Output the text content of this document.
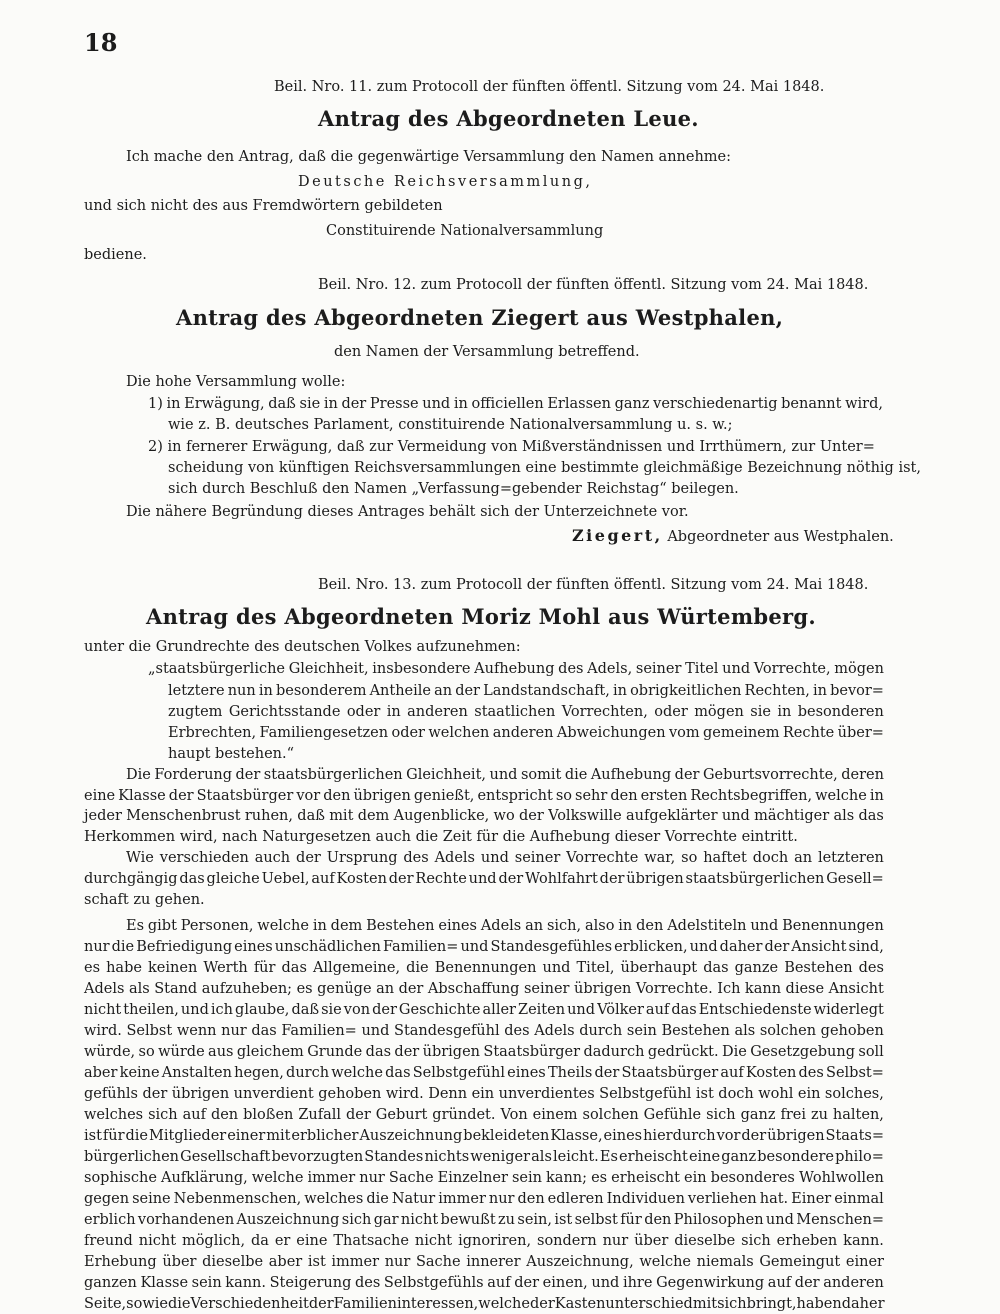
18
Beil. Nro. 11. zum Protocoll der fünften öffentl. Sitzung vom 24. Mai 1848.
Antrag des Abgeordneten Leue.
Ich mache den Antrag, daß die gegenwärtige Versammlung den Namen annehme:
Deutsche Reichsversammlung,
und sich nicht des aus Fremdwörtern gebildeten
Constituirende Nationalversammlung
bediene.
Beil. Nro. 12. zum Protocoll der fünften öffentl. Sitzung vom 24. Mai 1848.
Antrag des Abgeordneten Ziegert aus Westphalen,
den Namen der Versammlung betreffend.
Die hohe Versammlung wolle:
1) in Erwägung, daß sie in der Presse und in officiellen Erlassen ganz verschiedenartig benannt wird,
wie z. B. deutsches Parlament, constituirende Nationalversammlung u. s. w.;
2) in fernerer Erwägung, daß zur Vermeidung von Mißverständnissen und Irrthümern, zur Unter=
scheidung von künftigen Reichsversammlungen eine bestimmte gleichmäßige Bezeichnung nöthig ist,
sich durch Beschluß den Namen „Verfassung=gebender Reichstag“ beilegen.
Die nähere Begründung dieses Antrages behält sich der Unterzeichnete vor.
Ziegert, Abgeordneter aus Westphalen.
Beil. Nro. 13. zum Protocoll der fünften öffentl. Sitzung vom 24. Mai 1848.
Antrag des Abgeordneten Moriz Mohl aus Würtemberg.
unter die Grundrechte des deutschen Volkes aufzunehmen:
„staatsbürgerliche Gleichheit, insbesondere Aufhebung des Adels, seiner Titel und Vorrechte, mögen
letztere nun in besonderem Antheile an der Landstandschaft, in obrigkeitlichen Rechten, in bevor=
zugtem Gerichtsstande oder in anderen staatlichen Vorrechten, oder mögen sie in besonderen
Erbrechten, Familiengesetzen oder welchen anderen Abweichungen vom gemeinem Rechte über=
haupt bestehen.“
Die Forderung der staatsbürgerlichen Gleichheit, und somit die Aufhebung der Geburtsvorrechte, deren
eine Klasse der Staatsbürger vor den übrigen genießt, entspricht so sehr den ersten Rechtsbegriffen, welche in
jeder Menschenbrust ruhen, daß mit dem Augenblicke, wo der Volkswille aufgeklärter und mächtiger als das
Herkommen wird, nach Naturgesetzen auch die Zeit für die Aufhebung dieser Vorrechte eintritt.
Wie verschieden auch der Ursprung des Adels und seiner Vorrechte war, so haftet doch an letzteren
durchgängig das gleiche Uebel, auf Kosten der Rechte und der Wohlfahrt der übrigen staatsbürgerlichen Gesell=
schaft zu gehen.
Es gibt Personen, welche in dem Bestehen eines Adels an sich, also in den Adelstiteln und Benennungen
nur die Befriedigung eines unschädlichen Familien= und Standesgefühles erblicken, und daher der Ansicht sind,
es habe keinen Werth für das Allgemeine, die Benennungen und Titel, überhaupt das ganze Bestehen des
Adels als Stand aufzuheben; es genüge an der Abschaffung seiner übrigen Vorrechte. Ich kann diese Ansicht
nicht theilen, und ich glaube, daß sie von der Geschichte aller Zeiten und Völker auf das Entschiedenste widerlegt
wird. Selbst wenn nur das Familien= und Standesgefühl des Adels durch sein Bestehen als solchen gehoben
würde, so würde aus gleichem Grunde das der übrigen Staatsbürger dadurch gedrückt. Die Gesetzgebung soll
aber keine Anstalten hegen, durch welche das Selbstgefühl eines Theils der Staatsbürger auf Kosten des Selbst=
gefühls der übrigen unverdient gehoben wird. Denn ein unverdientes Selbstgefühl ist doch wohl ein solches,
welches sich auf den bloßen Zufall der Geburt gründet. Von einem solchen Gefühle sich ganz frei zu halten,
ist für die Mitglieder einer mit erblicher Auszeichnung bekleideten Klasse, eines hierdurch vor der übrigen Staats=
bürgerlichen Gesellschaft bevorzugten Standes nichts weniger als leicht. Es erheischt eine ganz besondere philo=
sophische Aufklärung, welche immer nur Sache Einzelner sein kann; es erheischt ein besonderes Wohlwollen
gegen seine Nebenmenschen, welches die Natur immer nur den edleren Individuen verliehen hat. Einer einmal
erblich vorhandenen Auszeichnung sich gar nicht bewußt zu sein, ist selbst für den Philosophen und Menschen=
freund nicht möglich, da er eine Thatsache nicht ignoriren, sondern nur über dieselbe sich erheben kann.
Erhebung über dieselbe aber ist immer nur Sache innerer Auszeichnung, welche niemals Gemeingut einer
ganzen Klasse sein kann. Steigerung des Selbstgefühls auf der einen, und ihre Gegenwirkung auf der anderen
Seite, sowie die Verschiedenheit der Familieninteressen, welche der Kastenunterschied mit sich bringt, haben daher
